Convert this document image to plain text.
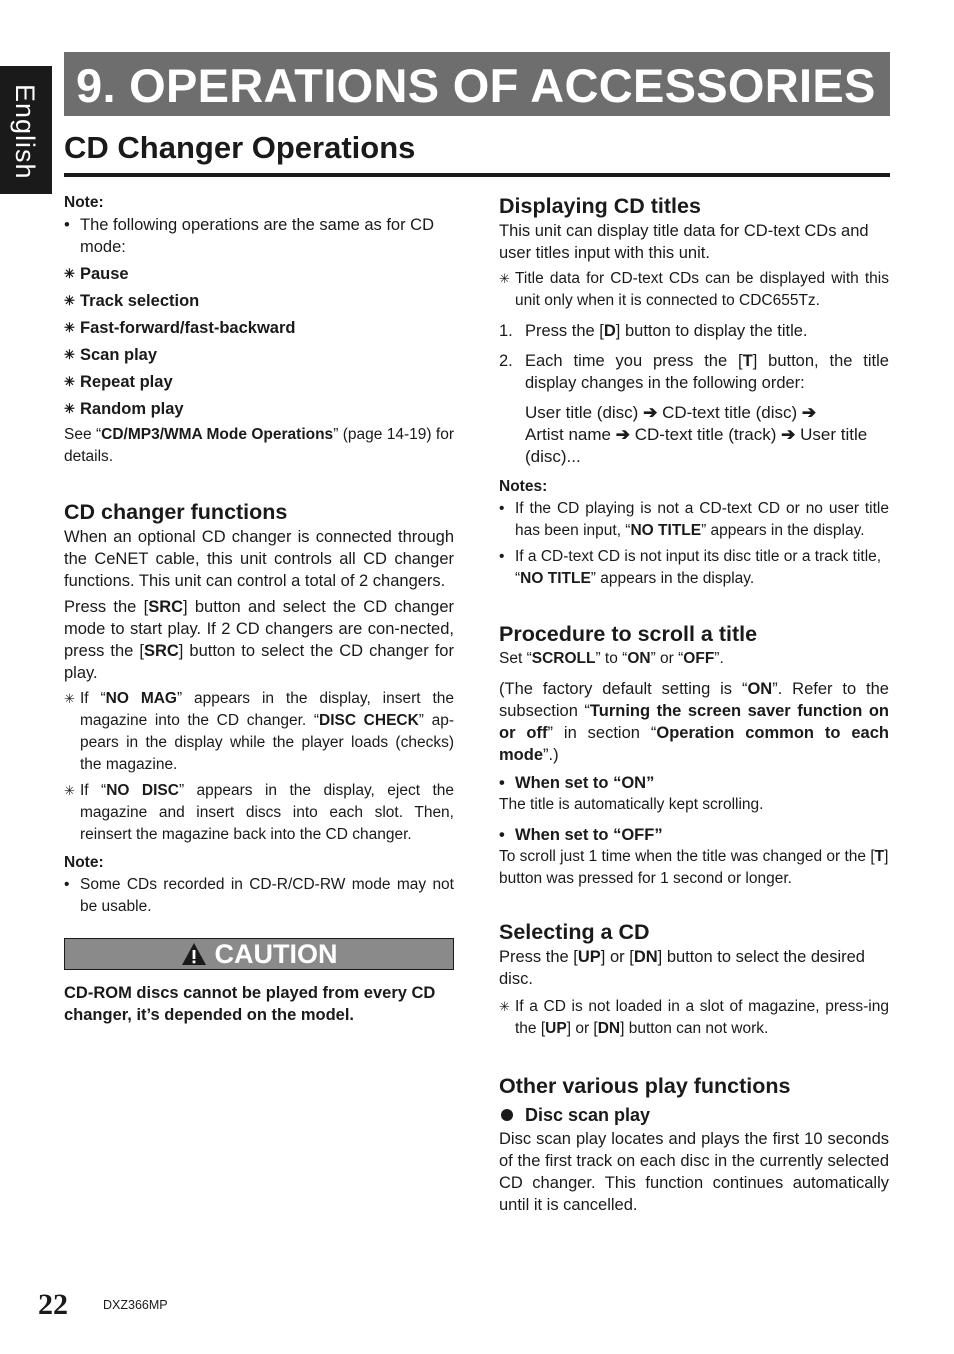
English 9. OPERATIONS OF ACCESSORIES
CD Changer Operations

Note:

• The following operations are the same as for CD mode:

✳ Pause

✳ Track selection

✳ Fast-forward/fast-backward

✳ Scan play

✳ Repeat play

✳ Random play

See “CD/MP3/WMA Mode Operations” (page 14-19) for details.

CD changer functions

When an optional CD changer is connected through the CeNET cable, this unit controls all CD changer functions. This unit can control a total of 2 changers.

Press the [SRC] button and select the CD changer mode to start play. If 2 CD changers are con-nected, press the [SRC] button to select the CD changer for play.

✳ If “NO MAG” appears in the display, insert the magazine into the CD changer. “DISC CHECK” ap-pears in the display while the player loads (checks) the magazine.

✳ If “NO DISC” appears in the display, eject the magazine and insert discs into each slot. Then, reinsert the magazine back into the CD changer.

Note:

• Some CDs recorded in CD-R/CD-RW mode may not be usable.

CAUTION

CD-ROM discs cannot be played from every CD changer, it’s depended on the model.

Displaying CD titles

This unit can display title data for CD-text CDs and user titles input with this unit.

✳ Title data for CD-text CDs can be displayed with this unit only when it is connected to CDC655Tz.

1. Press the [D] button to display the title.

2. Each time you press the [T] button, the title display changes in the following order:

User title (disc) ➔ CD-text title (disc) ➔
Artist name ➔ CD-text title (track) ➔ User title (disc)...

Notes:

• If the CD playing is not a CD-text CD or no user title has been input, “NO TITLE” appears in the display.

• If a CD-text CD is not input its disc title or a track title, “NO TITLE” appears in the display.

Procedure to scroll a title

Set “SCROLL” to “ON” or “OFF”.

(The factory default setting is “ON”. Refer to the subsection “Turning the screen saver function on or off” in section “Operation common to each mode”.)

• When set to “ON”

The title is automatically kept scrolling.

• When set to “OFF”

To scroll just 1 time when the title was changed or the [T] button was pressed for 1 second or longer.

Selecting a CD

Press the [UP] or [DN] button to select the desired disc.

✳ If a CD is not loaded in a slot of magazine, press-ing the [UP] or [DN] button can not work.

Other various play functions

Disc scan play

Disc scan play locates and plays the first 10 seconds of the first track on each disc in the currently selected CD changer. This function continues automatically until it is cancelled.

22	DXZ366MP
